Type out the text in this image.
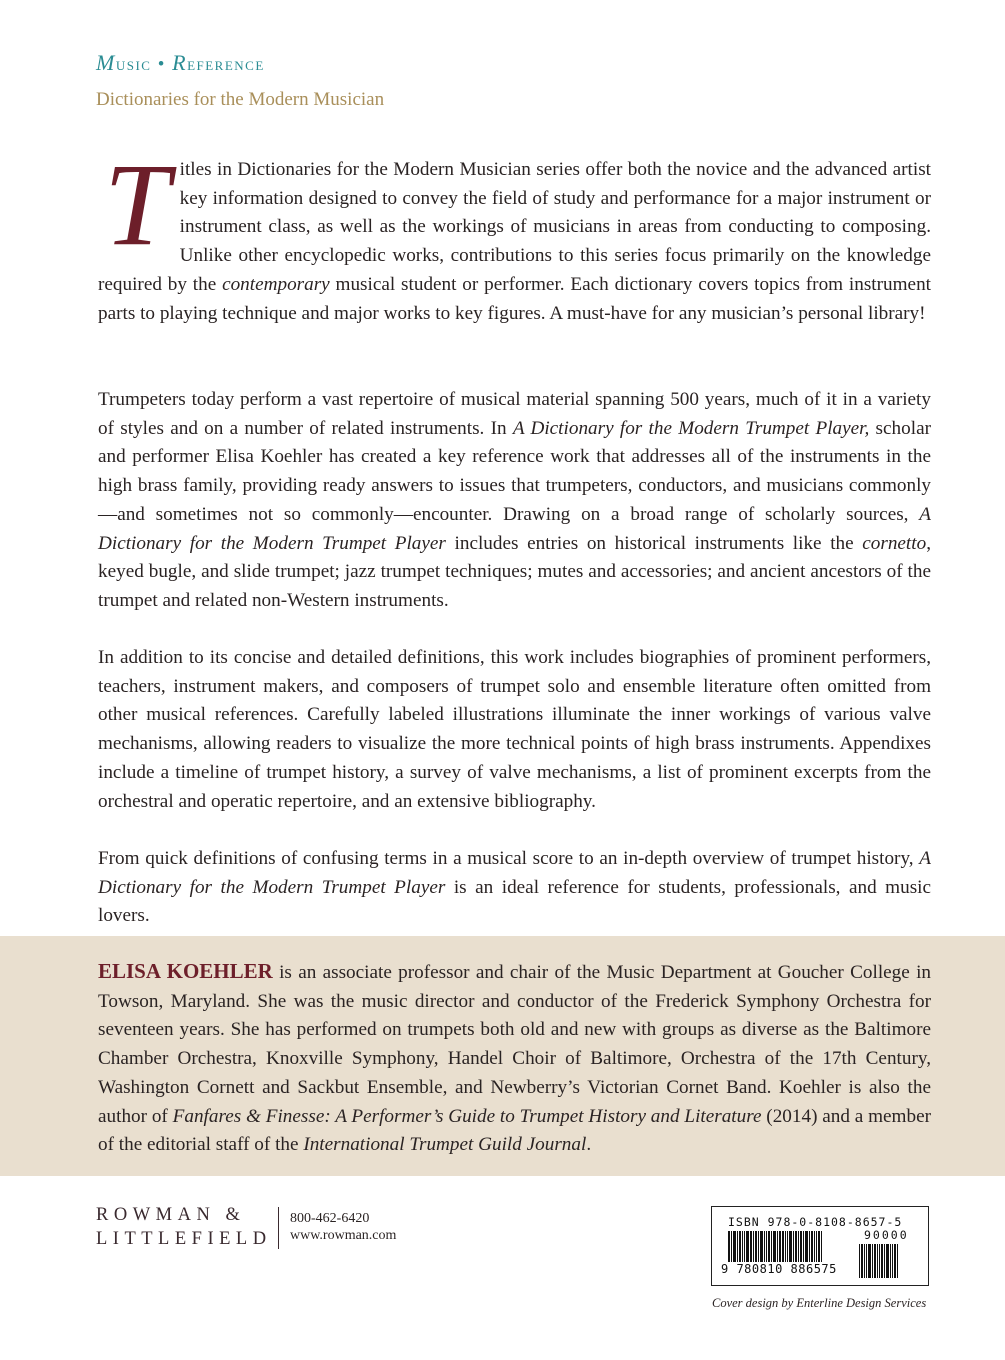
Music • Reference
Dictionaries for the Modern Musician
Titles in Dictionaries for the Modern Musician series offer both the novice and the advanced artist key information designed to convey the field of study and performance for a major instrument or instrument class, as well as the workings of musicians in areas from conducting to composing. Unlike other encyclopedic works, contributions to this series focus primarily on the knowledge required by the contemporary musical student or performer. Each dictionary covers topics from instrument parts to playing technique and major works to key figures. A must-have for any musician’s personal library!
Trumpeters today perform a vast repertoire of musical material spanning 500 years, much of it in a variety of styles and on a number of related instruments. In A Dictionary for the Modern Trumpet Player, scholar and performer Elisa Koehler has created a key reference work that addresses all of the instruments in the high brass family, providing ready answers to issues that trumpeters, conductors, and musicians commonly—and sometimes not so commonly—encounter. Drawing on a broad range of scholarly sources, A Dictionary for the Modern Trumpet Player includes entries on historical instruments like the cornetto, keyed bugle, and slide trumpet; jazz trumpet techniques; mutes and accessories; and ancient ancestors of the trumpet and related non-Western instruments.
In addition to its concise and detailed definitions, this work includes biographies of prominent performers, teachers, instrument makers, and composers of trumpet solo and ensemble literature often omitted from other musical references. Carefully labeled illustrations illuminate the inner workings of various valve mechanisms, allowing readers to visualize the more technical points of high brass instruments. Appendixes include a timeline of trumpet history, a survey of valve mechanisms, a list of prominent excerpts from the orchestral and operatic repertoire, and an extensive bibliography.
From quick definitions of confusing terms in a musical score to an in-depth overview of trumpet history, A Dictionary for the Modern Trumpet Player is an ideal reference for students, professionals, and music lovers.
ELISA KOEHLER is an associate professor and chair of the Music Department at Goucher College in Towson, Maryland. She was the music director and conductor of the Frederick Symphony Orchestra for seventeen years. She has performed on trumpets both old and new with groups as diverse as the Baltimore Chamber Orchestra, Knoxville Symphony, Handel Choir of Baltimore, Orchestra of the 17th Century, Washington Cornett and Sackbut Ensemble, and Newberry’s Victorian Cornet Band. Koehler is also the author of Fanfares & Finesse: A Performer’s Guide to Trumpet History and Literature (2014) and a member of the editorial staff of the International Trumpet Guild Journal.
ROWMAN &
LITTLEFIELD
800-462-6420
www.rowman.com
ISBN 978-0-8108-8657-5
90000
9 780810 886575
Cover design by Enterline Design Services
